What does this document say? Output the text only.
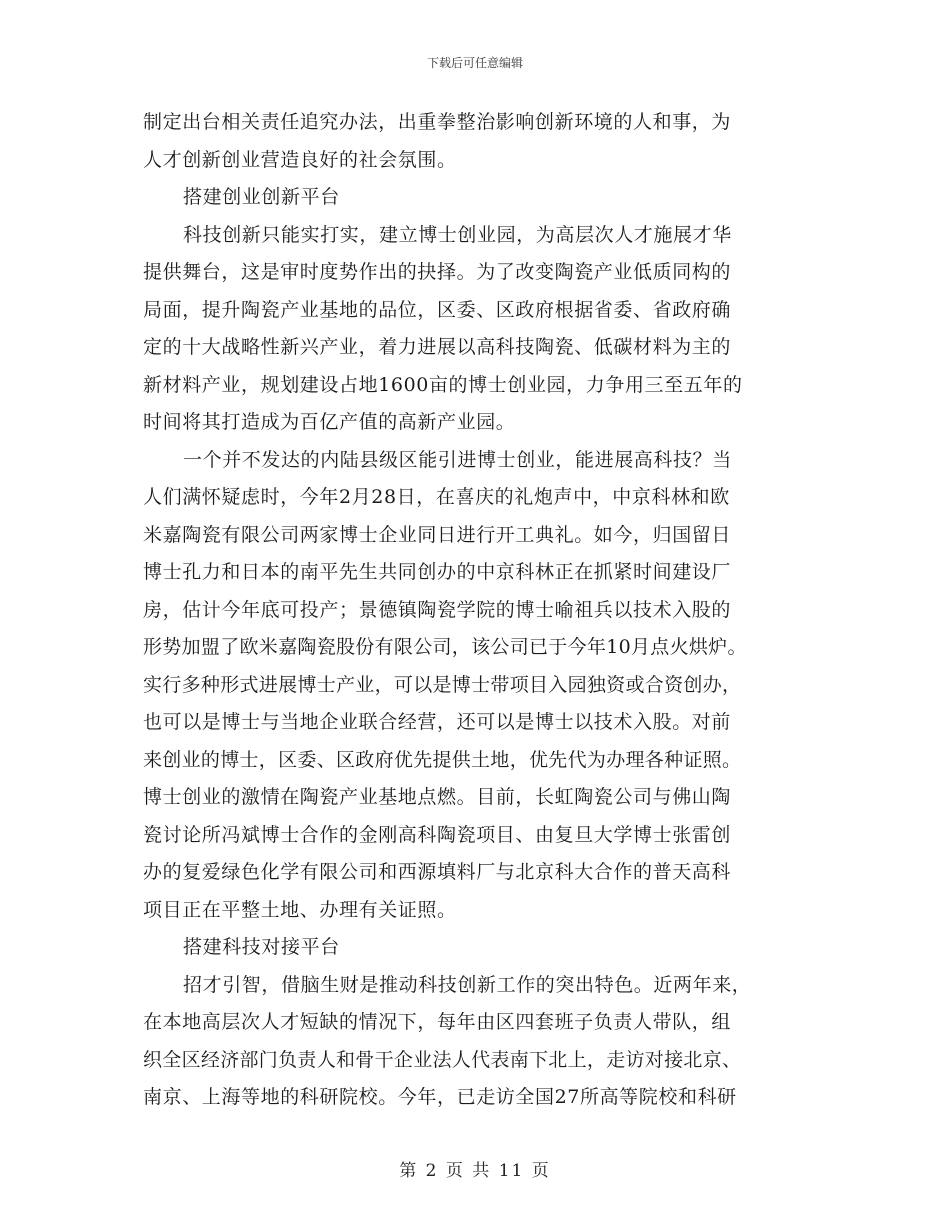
下载后可任意编辑
制定出台相关责任追究办法，出重拳整治影响创新环境的人和事，为
人才创新创业营造良好的社会氛围。
搭建创业创新平台
科技创新只能实打实，建立博士创业园，为高层次人才施展才华
提供舞台，这是审时度势作出的抉择。为了改变陶瓷产业低质同构的
局面，提升陶瓷产业基地的品位，区委、区政府根据省委、省政府确
定的十大战略性新兴产业，着力进展以高科技陶瓷、低碳材料为主的
新材料产业，规划建设占地1600亩的博士创业园，力争用三至五年的
时间将其打造成为百亿产值的高新产业园。
一个并不发达的内陆县级区能引进博士创业，能进展高科技？当
人们满怀疑虑时，今年2月28日，在喜庆的礼炮声中，中京科林和欧
米嘉陶瓷有限公司两家博士企业同日进行开工典礼。如今，归国留日
博士孔力和日本的南平先生共同创办的中京科林正在抓紧时间建设厂
房，估计今年底可投产；景德镇陶瓷学院的博士喻祖兵以技术入股的
形势加盟了欧米嘉陶瓷股份有限公司，该公司已于今年10月点火烘炉。
实行多种形式进展博士产业，可以是博士带项目入园独资或合资创办，
也可以是博士与当地企业联合经营，还可以是博士以技术入股。对前
来创业的博士，区委、区政府优先提供土地，优先代为办理各种证照。
博士创业的激情在陶瓷产业基地点燃。目前，长虹陶瓷公司与佛山陶
瓷讨论所冯斌博士合作的金刚高科陶瓷项目、由复旦大学博士张雷创
办的复爱绿色化学有限公司和西源填料厂与北京科大合作的普天高科
项目正在平整土地、办理有关证照。
搭建科技对接平台
招才引智，借脑生财是推动科技创新工作的突出特色。近两年来，
在本地高层次人才短缺的情况下，每年由区四套班子负责人带队，组
织全区经济部门负责人和骨干企业法人代表南下北上，走访对接北京、
南京、上海等地的科研院校。今年，已走访全国27所高等院校和科研
第 2 页 共 11 页
